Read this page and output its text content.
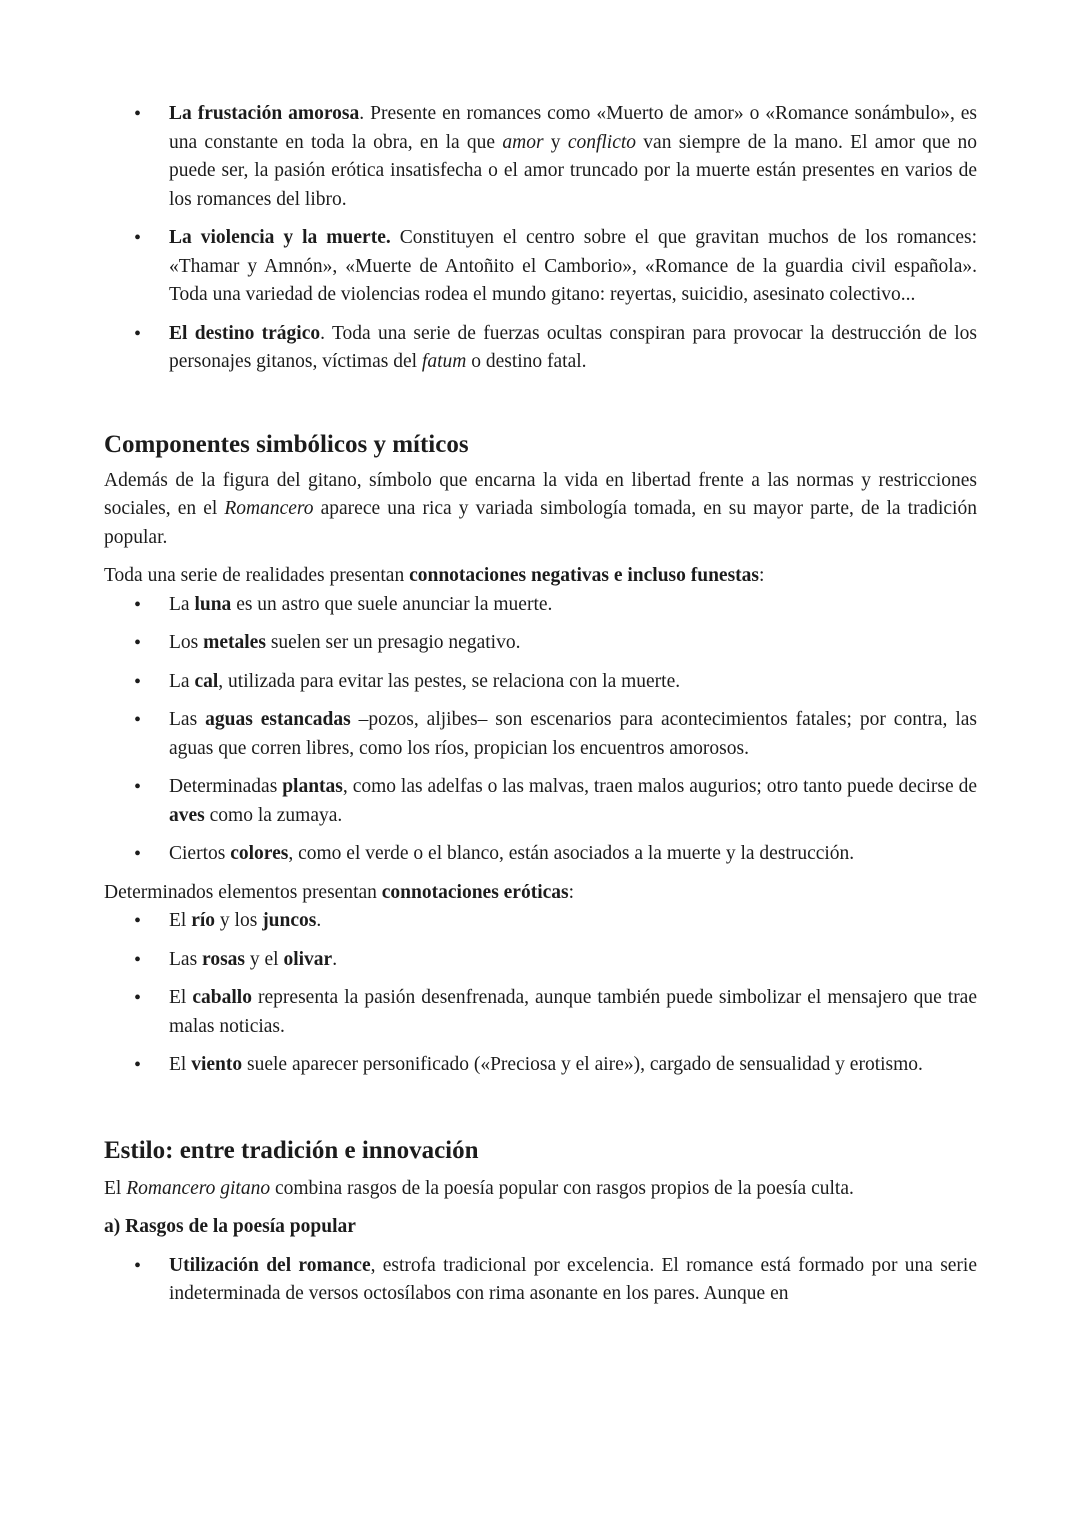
• La frustación amorosa. Presente en romances como «Muerto de amor» o «Romance sonámbulo», es una constante en toda la obra, en la que amor y conflicto van siempre de la mano. El amor que no puede ser, la pasión erótica insatisfecha o el amor truncado por la muerte están presentes en varios de los romances del libro.
• La violencia y la muerte. Constituyen el centro sobre el que gravitan muchos de los romances: «Thamar y Amnón», «Muerte de Antoñito el Camborio», «Romance de la guardia civil española». Toda una variedad de violencias rodea el mundo gitano: reyertas, suicidio, asesinato colectivo...
• El destino trágico. Toda una serie de fuerzas ocultas conspiran para provocar la destrucción de los personajes gitanos, víctimas del fatum o destino fatal.
Componentes simbólicos y míticos

Además de la figura del gitano, símbolo que encarna la vida en libertad frente a las normas y restricciones sociales, en el Romancero aparece una rica y variada simbología tomada, en su mayor parte, de la tradición popular.

Toda una serie de realidades presentan connotaciones negativas e incluso funestas:

• La luna es un astro que suele anunciar la muerte.
• Los metales suelen ser un presagio negativo.
• La cal, utilizada para evitar las pestes, se relaciona con la muerte.
• Las aguas estancadas –pozos, aljibes– son escenarios para acontecimientos fatales; por contra, las aguas que corren libres, como los ríos, propician los encuentros amorosos.
• Determinadas plantas, como las adelfas o las malvas, traen malos augurios; otro tanto puede decirse de aves como la zumaya.
• Ciertos colores, como el verde o el blanco, están asociados a la muerte y la destrucción.

Determinados elementos presentan connotaciones eróticas:

• El río y los juncos.
• Las rosas y el olivar.
• El caballo representa la pasión desenfrenada, aunque también puede simbolizar el mensajero que trae malas noticias.
• El viento suele aparecer personificado («Preciosa y el aire»), cargado de sensualidad y erotismo.
Estilo: entre tradición e innovación

El Romancero gitano combina rasgos de la poesía popular con rasgos propios de la poesía culta.

a) Rasgos de la poesía popular

• Utilización del romance, estrofa tradicional por excelencia. El romance está formado por una serie indeterminada de versos octosílabos con rima asonante en los pares. Aunque en
